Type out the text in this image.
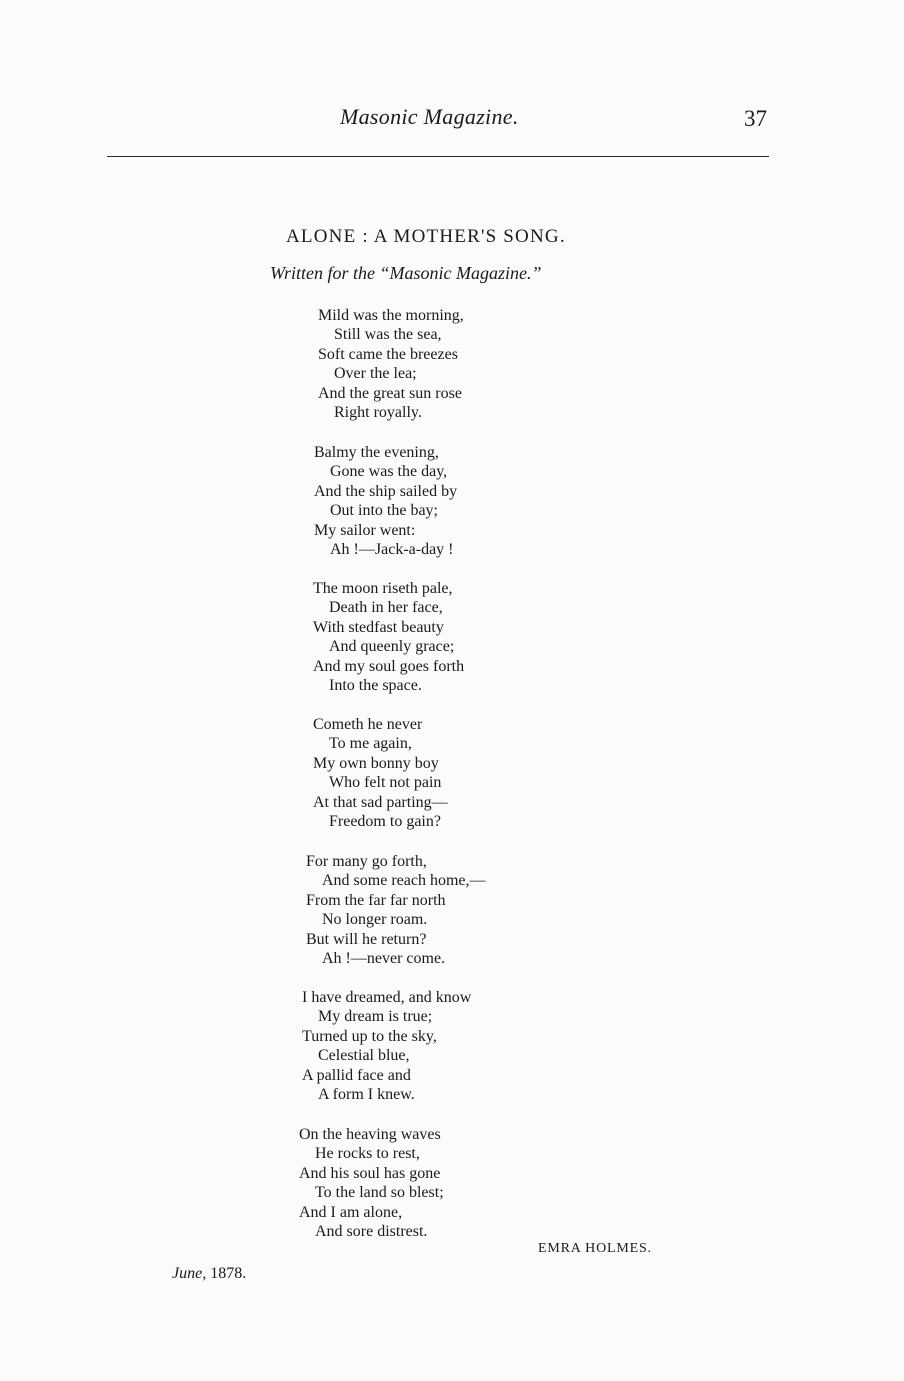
Masonic Magazine.	37
ALONE : A MOTHER'S SONG.
Written for the “Masonic Magazine.”
Mild was the morning,
Still was the sea,
Soft came the breezes
Over the lea;
And the great sun rose
Right royally.
Balmy the evening,
Gone was the day,
And the ship sailed by
Out into the bay;
My sailor went:
Ah !—Jack-a-day !
The moon riseth pale,
Death in her face,
With stedfast beauty
And queenly grace;
And my soul goes forth
Into the space.
Cometh he never
To me again,
My own bonny boy
Who felt not pain
At that sad parting—
Freedom to gain?
For many go forth,
And some reach home,—
From the far far north
No longer roam.
But will he return?
Ah !—never come.
I have dreamed, and know
My dream is true;
Turned up to the sky,
Celestial blue,
A pallid face and
A form I knew.
On the heaving waves
He rocks to rest,
And his soul has gone
To the land so blest;
And I am alone,
And sore distrest.
EMRA HOLMES.
June, 1878.
